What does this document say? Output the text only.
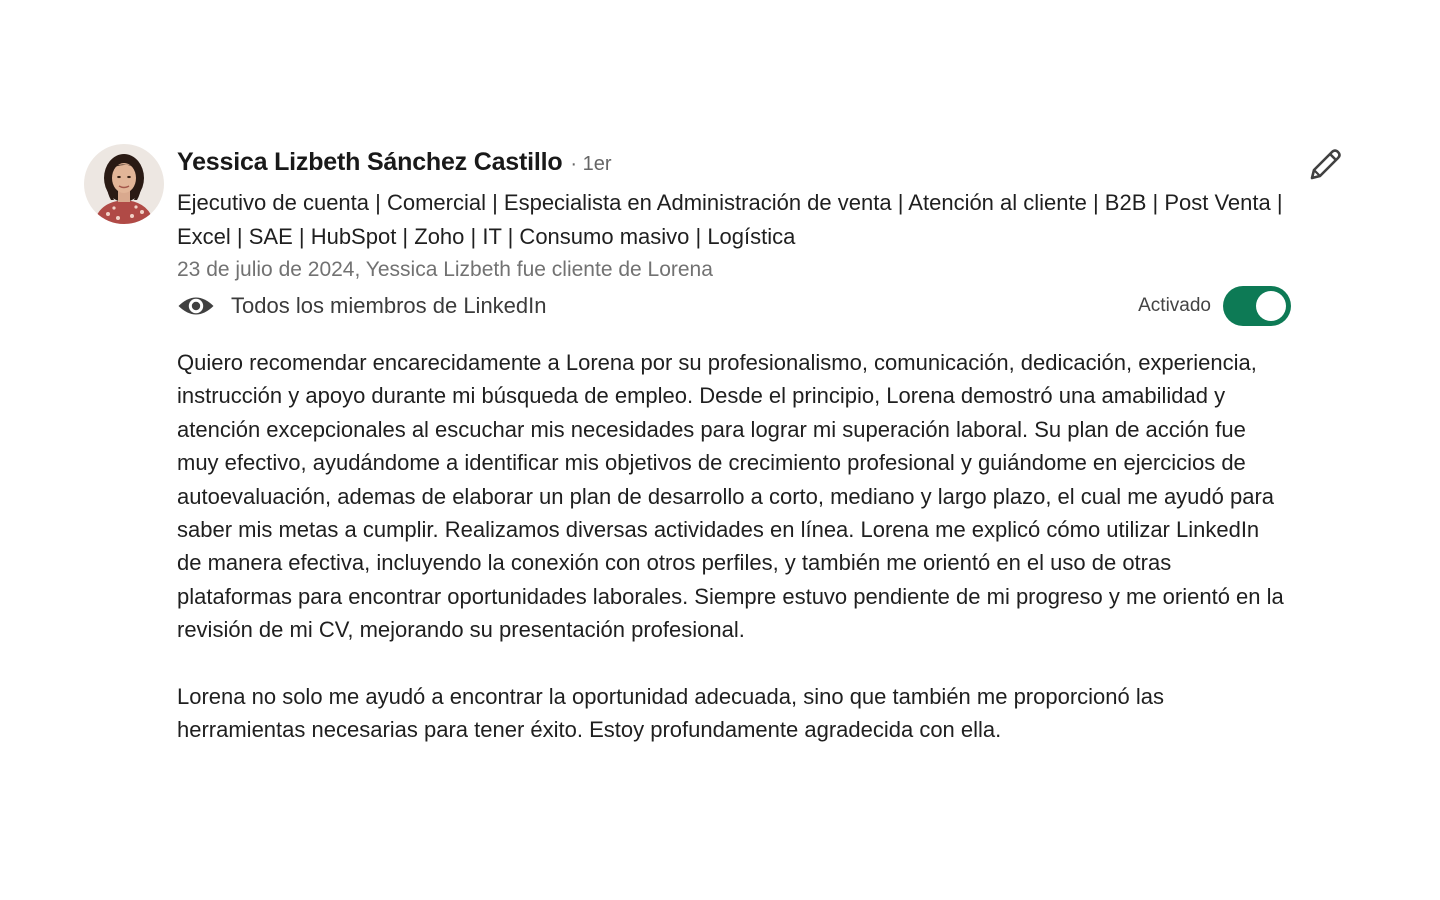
Yessica Lizbeth Sánchez Castillo · 1er
Ejecutivo de cuenta | Comercial | Especialista en Administración de venta | Atención al cliente | B2B | Post Venta | Excel | SAE | HubSpot | Zoho | IT | Consumo masivo | Logística
23 de julio de 2024, Yessica Lizbeth fue cliente de Lorena
Todos los miembros de LinkedIn	Activado

Quiero recomendar encarecidamente a Lorena por su profesionalismo, comunicación, dedicación, experiencia, instrucción y apoyo durante mi búsqueda de empleo. Desde el principio, Lorena demostró una amabilidad y atención excepcionales al escuchar mis necesidades para lograr mi superación laboral. Su plan de acción fue muy efectivo, ayudándome a identificar mis objetivos de crecimiento profesional y guiándome en ejercicios de autoevaluación, ademas de elaborar un plan de desarrollo a corto, mediano y largo plazo, el cual me ayudó para saber mis metas a cumplir. Realizamos diversas actividades en línea. Lorena me explicó cómo utilizar LinkedIn de manera efectiva, incluyendo la conexión con otros perfiles, y también me orientó en el uso de otras plataformas para encontrar oportunidades laborales. Siempre estuvo pendiente de mi progreso y me orientó en la revisión de mi CV, mejorando su presentación profesional.

Lorena no solo me ayudó a encontrar la oportunidad adecuada, sino que también me proporcionó las herramientas necesarias para tener éxito. Estoy profundamente agradecida con ella.
